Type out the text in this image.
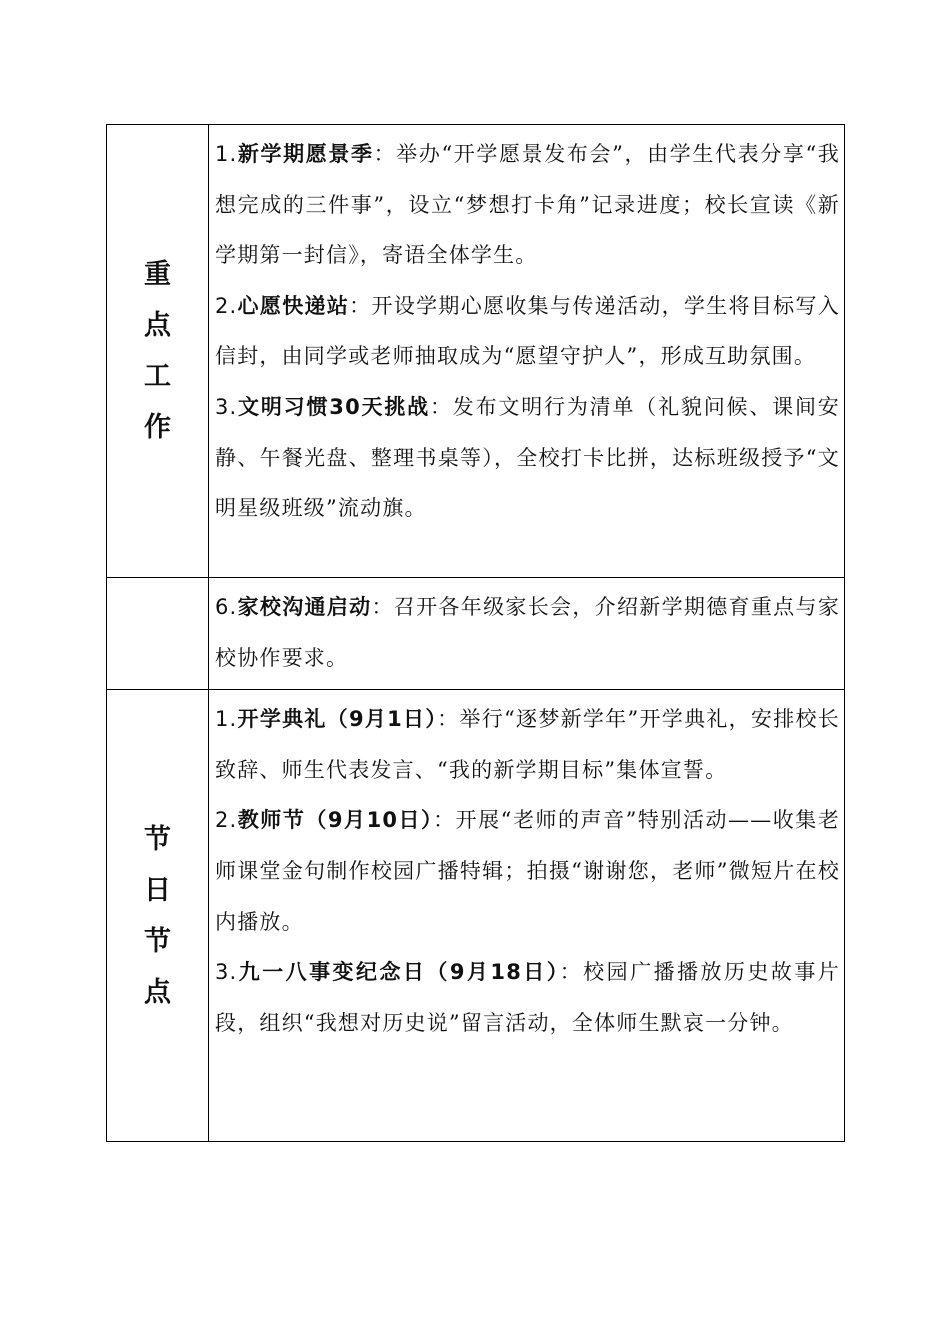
重点工作	1.新学期愿景季：举办“开学愿景发布会”，由学生代表分享“我想完成的三件事”，设立“梦想打卡角”记录进度；校长宣读《新学期第一封信》，寄语全体学生。

2.心愿快递站：开设学期心愿收集与传递活动，学生将目标写入信封，由同学或老师抽取成为“愿望守护人”，形成互助氛围。

3.文明习惯30天挑战：发布文明行为清单（礼貌问候、课间安静、午餐光盘、整理书桌等），全校打卡比拼，达标班级授予“文明星级班级”流动旗。

	6.家校沟通启动：召开各年级家长会，介绍新学期德育重点与家校协作要求。

节日节点	1.开学典礼（9月1日）：举行“逐梦新学年”开学典礼，安排校长致辞、师生代表发言、“我的新学期目标”集体宣誓。

2.教师节（9月10日）：开展“老师的声音”特别活动——收集老师课堂金句制作校园广播特辑；拍摄“谢谢您，老师”微短片在校内播放。

3.九一八事变纪念日（9月18日）：校园广播播放历史故事片段，组织“我想对历史说”留言活动，全体师生默哀一分钟。
